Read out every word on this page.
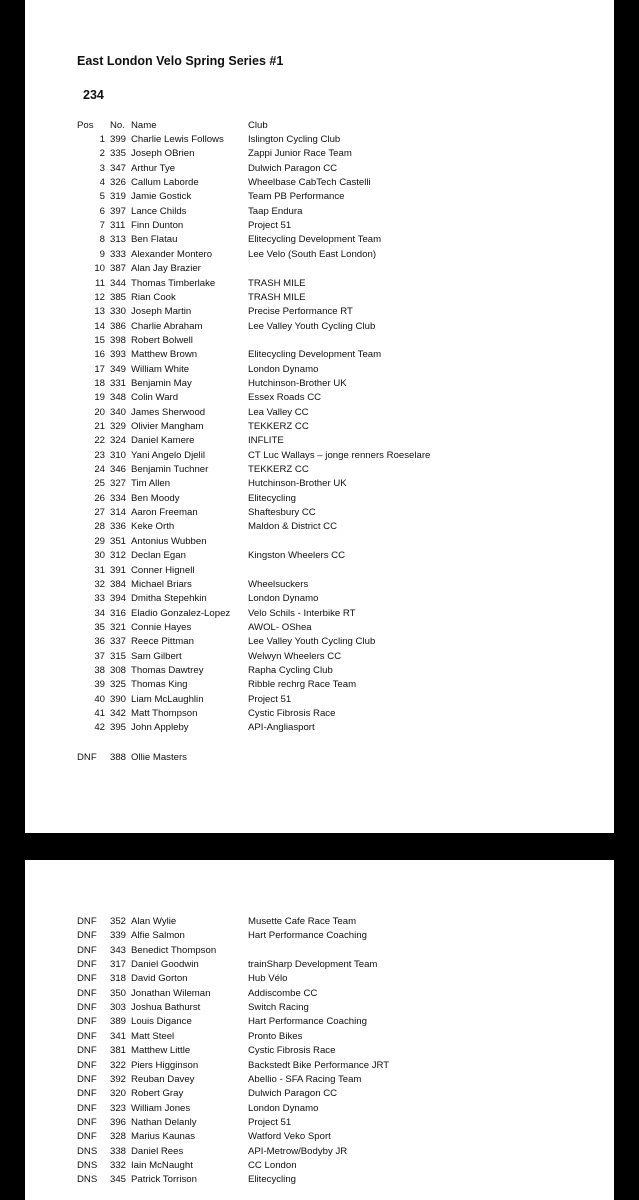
East London Velo Spring Series #1
234
Pos	No. Name	Club
1 399 Charlie Lewis Follows	Islington Cycling Club
2 335 Joseph OBrien	Zappi Junior Race Team
3 347 Arthur Tye	Dulwich Paragon CC
4 326 Callum Laborde	Wheelbase CabTech Castelli
5 319 Jamie Gostick	Team PB Performance
6 397 Lance Childs	Taap Endura
7 311 Finn Dunton	Project 51
8 313 Ben Flatau	Elitecycling Development Team
9 333 Alexander Montero	Lee Velo (South East London)
10 387 Alan Jay Brazier
11 344 Thomas Timberlake	TRASH MILE
12 385 Rian Cook	TRASH MILE
13 330 Joseph Martin	Precise Performance RT
14 386 Charlie Abraham	Lee Valley Youth Cycling Club
15 398 Robert Bolwell
16 393 Matthew Brown	Elitecycling Development Team
17 349 William White	London Dynamo
18 331 Benjamin May	Hutchinson-Brother UK
19 348 Colin Ward	Essex Roads CC
20 340 James Sherwood	Lea Valley CC
21 329 Olivier Mangham	TEKKERZ CC
22 324 Daniel Kamere	INFLITE
23 310 Yani Angelo Djelil	CT Luc Wallays – jonge renners Roeselare
24 346 Benjamin Tuchner	TEKKERZ CC
25 327 Tim Allen	Hutchinson-Brother UK
26 334 Ben Moody	Elitecycling
27 314 Aaron Freeman	Shaftesbury CC
28 336 Keke Orth	Maldon & District CC
29 351 Antonius Wubben
30 312 Declan Egan	Kingston Wheelers CC
31 391 Conner Hignell
32 384 Michael Briars	Wheelsuckers
33 394 Dmitha Stepehkin	London Dynamo
34 316 Eladio Gonzalez-Lopez	Velo Schils - Interbike RT
35 321 Connie Hayes	AWOL- OShea
36 337 Reece Pittman	Lee Valley Youth Cycling Club
37 315 Sam Gilbert	Welwyn Wheelers CC
38 308 Thomas Dawtrey	Rapha Cycling Club
39 325 Thomas King	Ribble rechrg Race Team
40 390 Liam McLaughlin	Project 51
41 342 Matt Thompson	Cystic Fibrosis Race
42 395 John Appleby	API-Angliasport
DNF	388 Ollie Masters
DNF	352 Alan Wylie	Musette Cafe Race Team
DNF	339 Alfie Salmon	Hart Performance Coaching
DNF	343 Benedict Thompson
DNF	317 Daniel Goodwin	trainSharp Development Team
DNF	318 David Gorton	Hub Vélo
DNF	350 Jonathan Wileman	Addiscombe CC
DNF	303 Joshua Bathurst	Switch Racing
DNF	389 Louis Digance	Hart Performance Coaching
DNF	341 Matt Steel	Pronto Bikes
DNF	381 Matthew Little	Cystic Fibrosis Race
DNF	322 Piers Higginson	Backstedt Bike Performance JRT
DNF	392 Reuban Davey	Abellio - SFA Racing Team
DNF	320 Robert Gray	Dulwich Paragon CC
DNF	323 William Jones	London Dynamo
DNF	396 Nathan Delanly	Project 51
DNF	328 Marius Kaunas	Watford Veko Sport
DNS	338 Daniel Rees	API-Metrow/Bodyby JR
DNS	332 Iain McNaught	CC London
DNS	345 Patrick Torrison	Elitecycling
